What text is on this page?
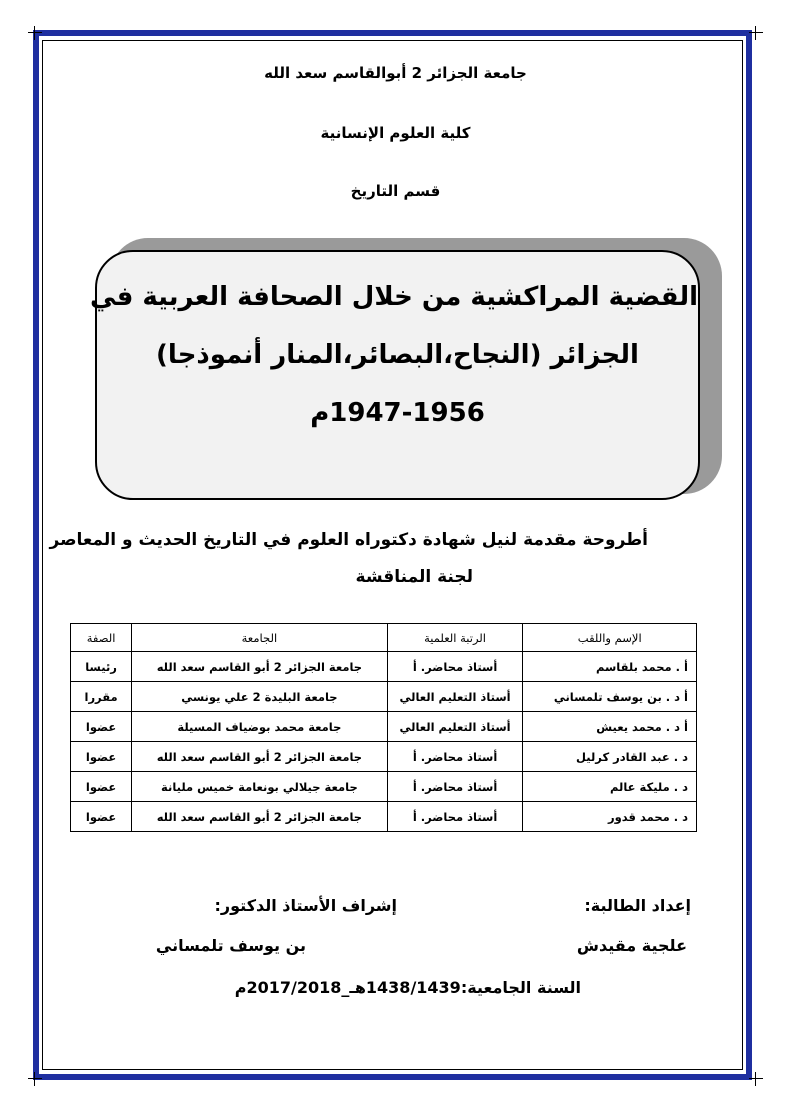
جامعة الجزائر 2 أبوالقاسم سعد الله
كلية العلوم الإنسانية
قسم التاريخ
القضية المراكشية من خلال الصحافة العربية في
الجزائر (النجاح،البصائر،المنار أنموذجا)
1947-1956م
أطروحة مقدمة لنيل شهادة دكتوراه العلوم في التاريخ الحديث و المعاصر
لجنة المناقشة
الإسم واللقب	الرتبة العلمية	الجامعة	الصفة
أ . محمد بلقاسم	أستاذ محاضر. أ	جامعة الجزائر 2 أبو القاسم سعد الله	رئيسا
أ د . بن يوسف تلمساني	أستاذ التعليم العالي	جامعة البليدة 2 علي يونسي	مقررا
أ د . محمد يعيش	أستاذ التعليم العالي	جامعة محمد بوضياف المسيلة	عضوا
د . عبد القادر كرليل	أستاذ محاضر. أ	جامعة الجزائر 2 أبو القاسم سعد الله	عضوا
د . مليكة عالم	أستاذ محاضر. أ	جامعة جيلالي بونعامة خميس مليانة	عضوا
د . محمد قدور	أستاذ محاضر. أ	جامعة الجزائر 2 أبو القاسم سعد الله	عضوا
إعداد الطالبة:
إشراف الأستاذ الدكتور:
علجية مقيدش
بن يوسف تلمساني
السنة الجامعية:1438/1439هـ_2017/2018م
